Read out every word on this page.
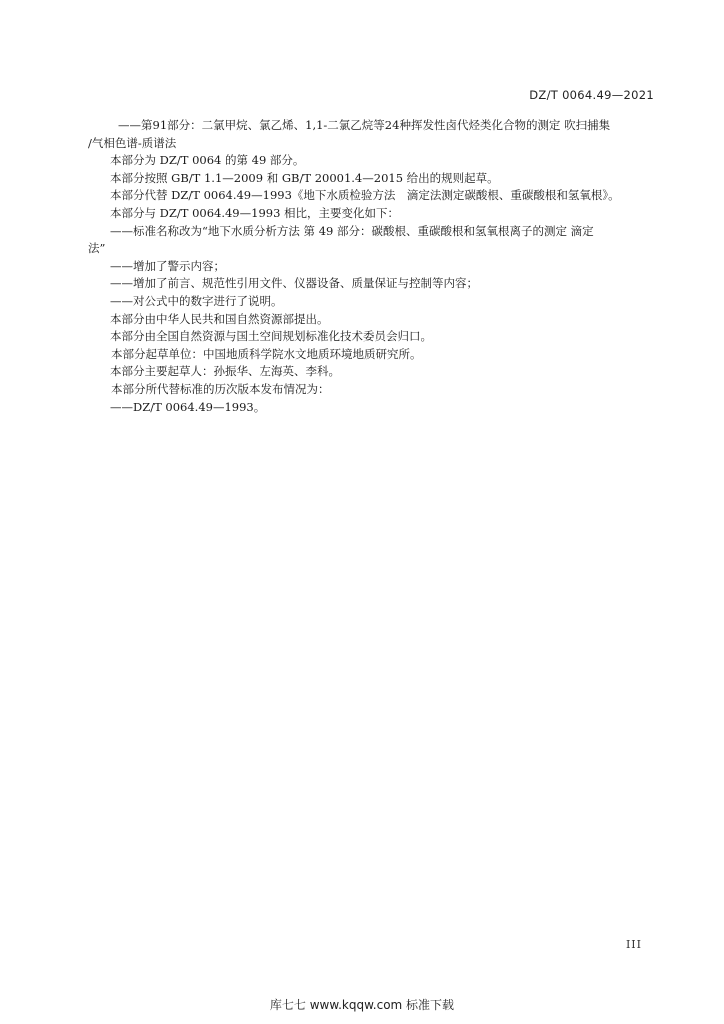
DZ/T 0064.49—2021

——第91部分：二氯甲烷、氯乙烯、1,1-二氯乙烷等24种挥发性卤代烃类化合物的测定 吹扫捕集

/气相色谱-质谱法

本部分为 DZ/T 0064 的第 49 部分。

本部分按照 GB/T 1.1—2009 和 GB/T 20001.4—2015 给出的规则起草。

本部分代替 DZ/T 0064.49—1993《地下水质检验方法　滴定法测定碳酸根、重碳酸根和氢氧根》。

本部分与 DZ/T 0064.49—1993 相比，主要变化如下：

——标准名称改为“地下水质分析方法 第 49 部分：碳酸根、重碳酸根和氢氧根离子的测定 滴定

法”

——增加了警示内容；

——增加了前言、规范性引用文件、仪器设备、质量保证与控制等内容；

——对公式中的数字进行了说明。

本部分由中华人民共和国自然资源部提出。

本部分由全国自然资源与国土空间规划标准化技术委员会归口。

本部分起草单位：中国地质科学院水文地质环境地质研究所。

本部分主要起草人：孙振华、左海英、李科。

本部分所代替标准的历次版本发布情况为：

——DZ/T 0064.49—1993。

III
库七七 www.kqqw.com 标准下载
